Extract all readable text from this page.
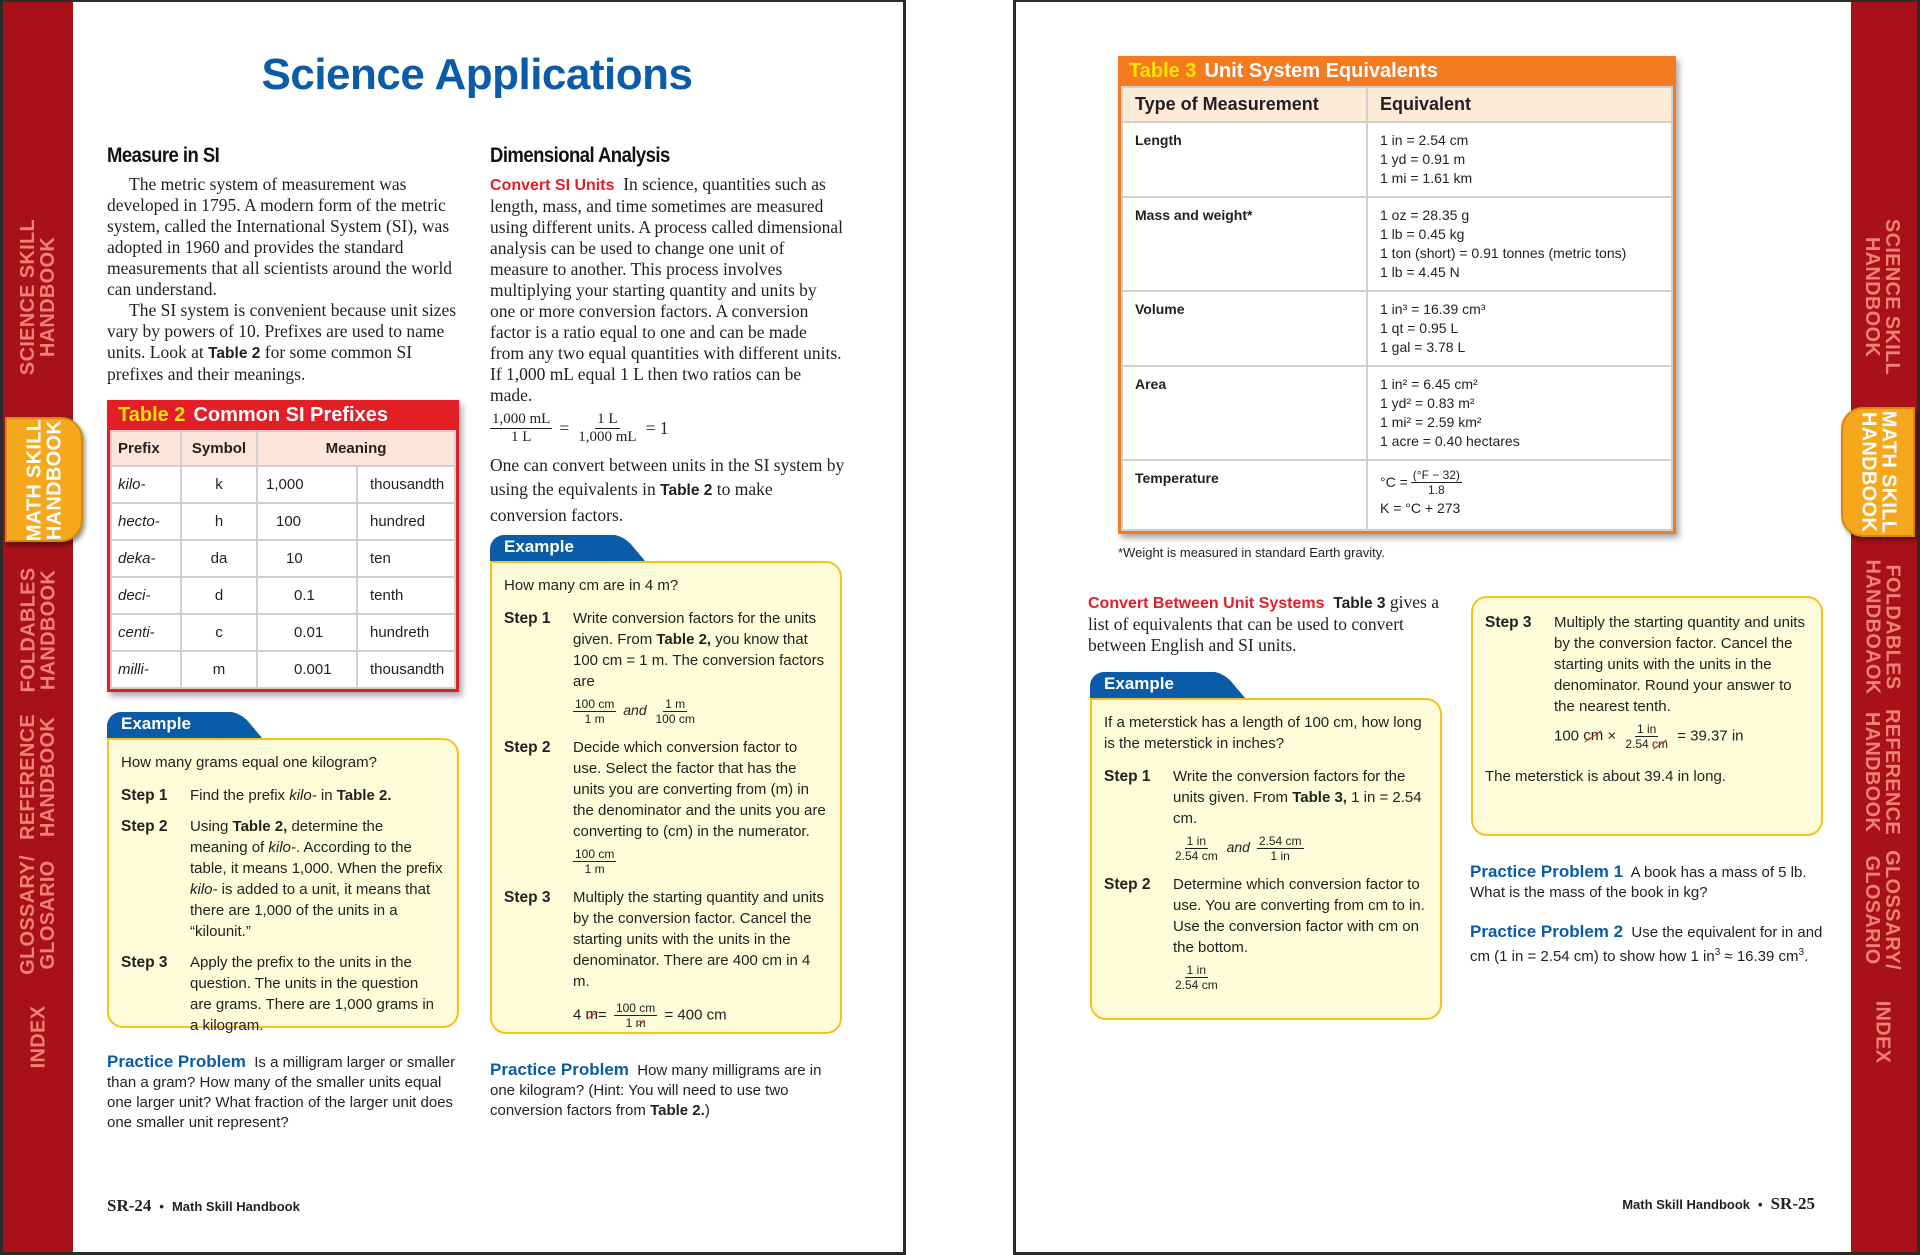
SCIENCE SKILL
HANDBOOK
MATH SKILL
HANDBOOK
FOLDABLES
HANDBOOK
REFERENCE
HANDBOOK
GLOSSARY/
GLOSARIO
INDEX
Science Applications
Measure in SI

The metric system of measurement was developed in 1795. A modern form of the metric system, called the International System (SI), was adopted in 1960 and provides the standard measurements that all scientists around the world can understand.

The SI system is convenient because unit sizes vary by powers of 10. Prefixes are used to name units. Look at Table 2 for some common SI prefixes and their meanings.

Table 2 Common SI Prefixes
Prefix	Symbol	Meaning	
kilo-	k	1,000	thousandth
hecto-	h	100	hundred
deka-	da	10	ten
deci-	d	0.1	tenth
centi-	c	0.01	hundreth
milli-	m	0.001	thousandth
Example
How many grams equal one kilogram?
Step 1	Find the prefix kilo- in Table 2.
Step 2	Using Table 2, determine the meaning of kilo-. According to the table, it means 1,000. When the prefix kilo- is added to a unit, it means that there are 1,000 of the units in a “kilounit.”
Step 3	Apply the prefix to the units in the question. The units in the question are grams. There are 1,000 grams in a kilogram.
Practice Problem Is a milligram larger or smaller than a gram? How many of the smaller units equal one larger unit? What fraction of the larger unit does one smaller unit represent?
Dimensional Analysis
Convert SI Units In science, quantities such as length, mass, and time sometimes are measured using different units. A process called dimensional analysis can be used to change one unit of measure to another. This process involves multiplying your starting quantity and units by one or more conversion factors. A conversion factor is a ratio equal to one and can be made from any two equal quantities with different units. If 1,000 mL equal 1 L then two ratios can be made.
$\frac{1,000 mL}{1 L} = \frac{1 L}{1,000 mL} = 1$
One can convert between units in the SI system by using the equivalents in Table 2 to make conversion factors.
Example
How many cm are in 4 m?
Step 1	Write conversion factors for the units given. From Table 2, you know that 100 cm = 1 m. The conversion factors are
$\frac{100 cm}{1 m}$ and $\frac{1 m}{100 cm}$
Step 2	Decide which conversion factor to use. Select the factor that has the units you are converting from (m) in the denominator and the units you are converting to (cm) in the numerator.
$\frac{100 cm}{1 m}$
Step 3	Multiply the starting quantity and units by the conversion factor. Cancel the starting units with the units in the denominator. There are 400 cm in 4 m.
4 $m= \frac{100 cm}{1 m} = 400$ cm
Practice Problem How many milligrams are in one kilogram? (Hint: You will need to use two conversion factors from Table 2.)
SR-24 • Math Skill Handbook
SCIENCE SKILL
HANDBOOK
MATH SKILL
HANDBOOK
FOLDABLES
HANDBOAOK
REFERENCE
HANDBOOK
GLOSSARY/
GLOSARIO
INDEX
Table 3 Unit System Equivalents
Type of Measurement	Equivalent
Length	1 in = 2.54 cm
1 yd = 0.91 m
1 mi = 1.61 km

Mass and weight*	1 oz = 28.35 g
1 lb = 0.45 kg
1 ton (short) = 0.91 tonnes (metric tons)
1 lb = 4.45 N

Volume	1 in³ = 16.39 cm³
1 qt = 0.95 L
1 gal = 3.78 L

Area	1 in² = 6.45 cm²
1 yd² = 0.83 m²
1 mi² = 2.59 km²
1 acre = 0.40 hectares

Temperature	$^\circ C = \frac{(^\circ F - 32)}{1.8}$
K = °C + 273
*Weight is measured in standard Earth gravity.
Convert Between Unit Systems Table 3 gives a list of equivalents that can be used to convert between English and SI units.
Example
If a meterstick has a length of 100 cm, how long is the meterstick in inches?
Step 1	Write the conversion factors for the units given. From Table 3, 1 in = 2.54 cm.
$\frac{1 in}{2.54 cm}$ and $\frac{2.54 cm}{1 in}$
Step 2	Determine which conversion factor to use. You are converting from cm to in. Use the conversion factor with cm on the bottom.
$\frac{1 in}{2.54 cm}$
Step 3	Multiply the starting quantity and units by the conversion factor. Cancel the starting units with the units in the denominator. Round your answer to the nearest tenth.
100 cm × $\frac{1 in}{2.54 cm} = 39.37$ in
The meterstick is about 39.4 in long.
Practice Problem 1 A book has a mass of 5 lb. What is the mass of the book in kg?
Practice Problem 2 Use the equivalent for in and cm (1 in = 2.54 cm) to show how 1 $in^3 \approx 16.39$ $cm^3$.
Math Skill Handbook • SR-25
